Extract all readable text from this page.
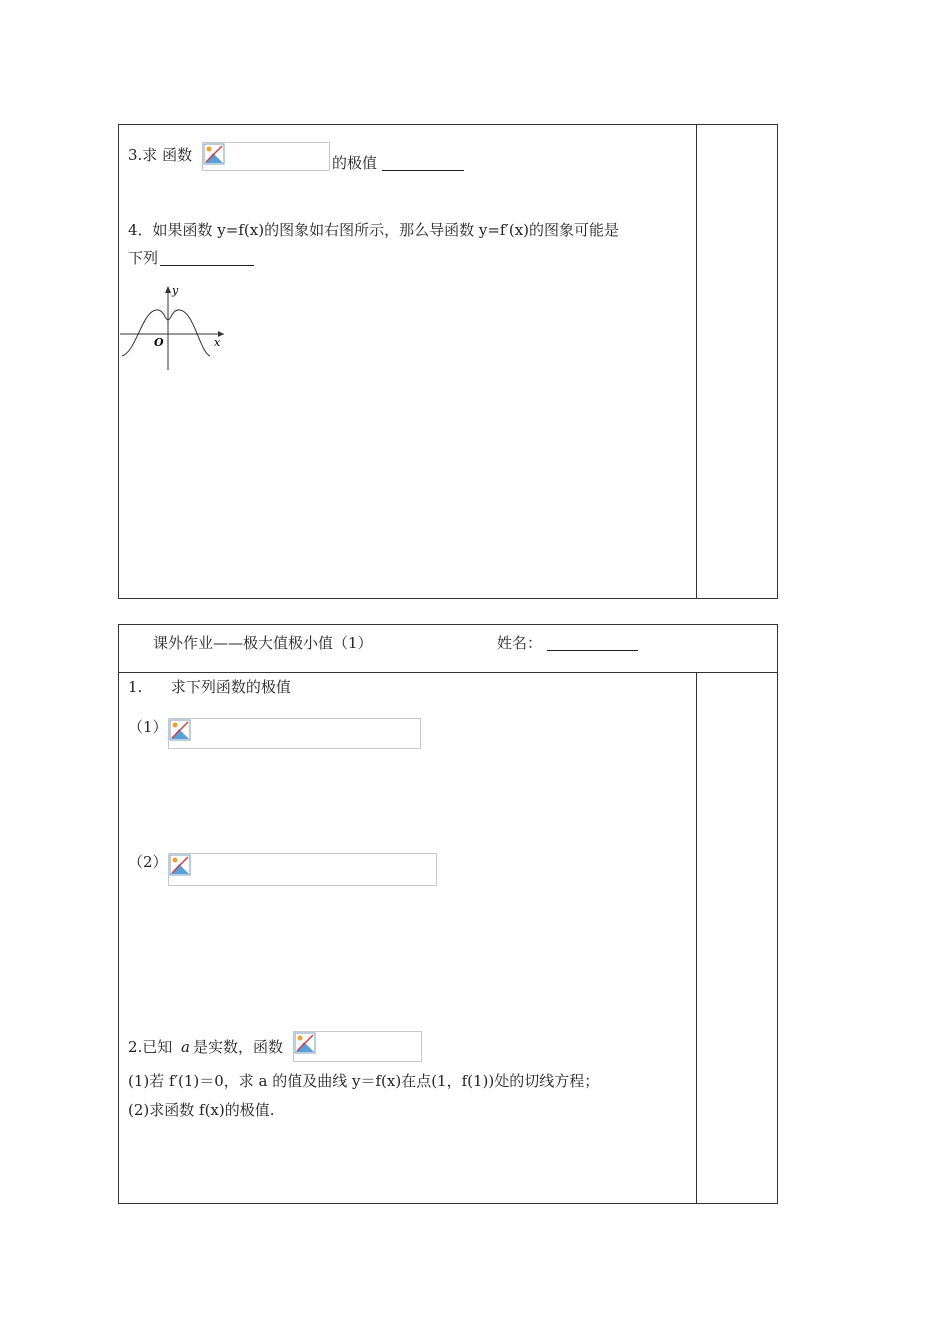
3.求 函数	的极值
4．如果函数 y=f(x)的图象如右图所示，那么导函数 y=f′(x)的图象可能是
下列
y
x
O
课外作业——极大值极小值（1）	姓名：
1.      求下列函数的极值
（1）
（2）
2.已知 a 是实数，函数
(1)若 f′(1)＝0，求 a 的值及曲线 y＝f(x)在点(1，f(1))处的切线方程；
(2)求函数 f(x)的极值.
